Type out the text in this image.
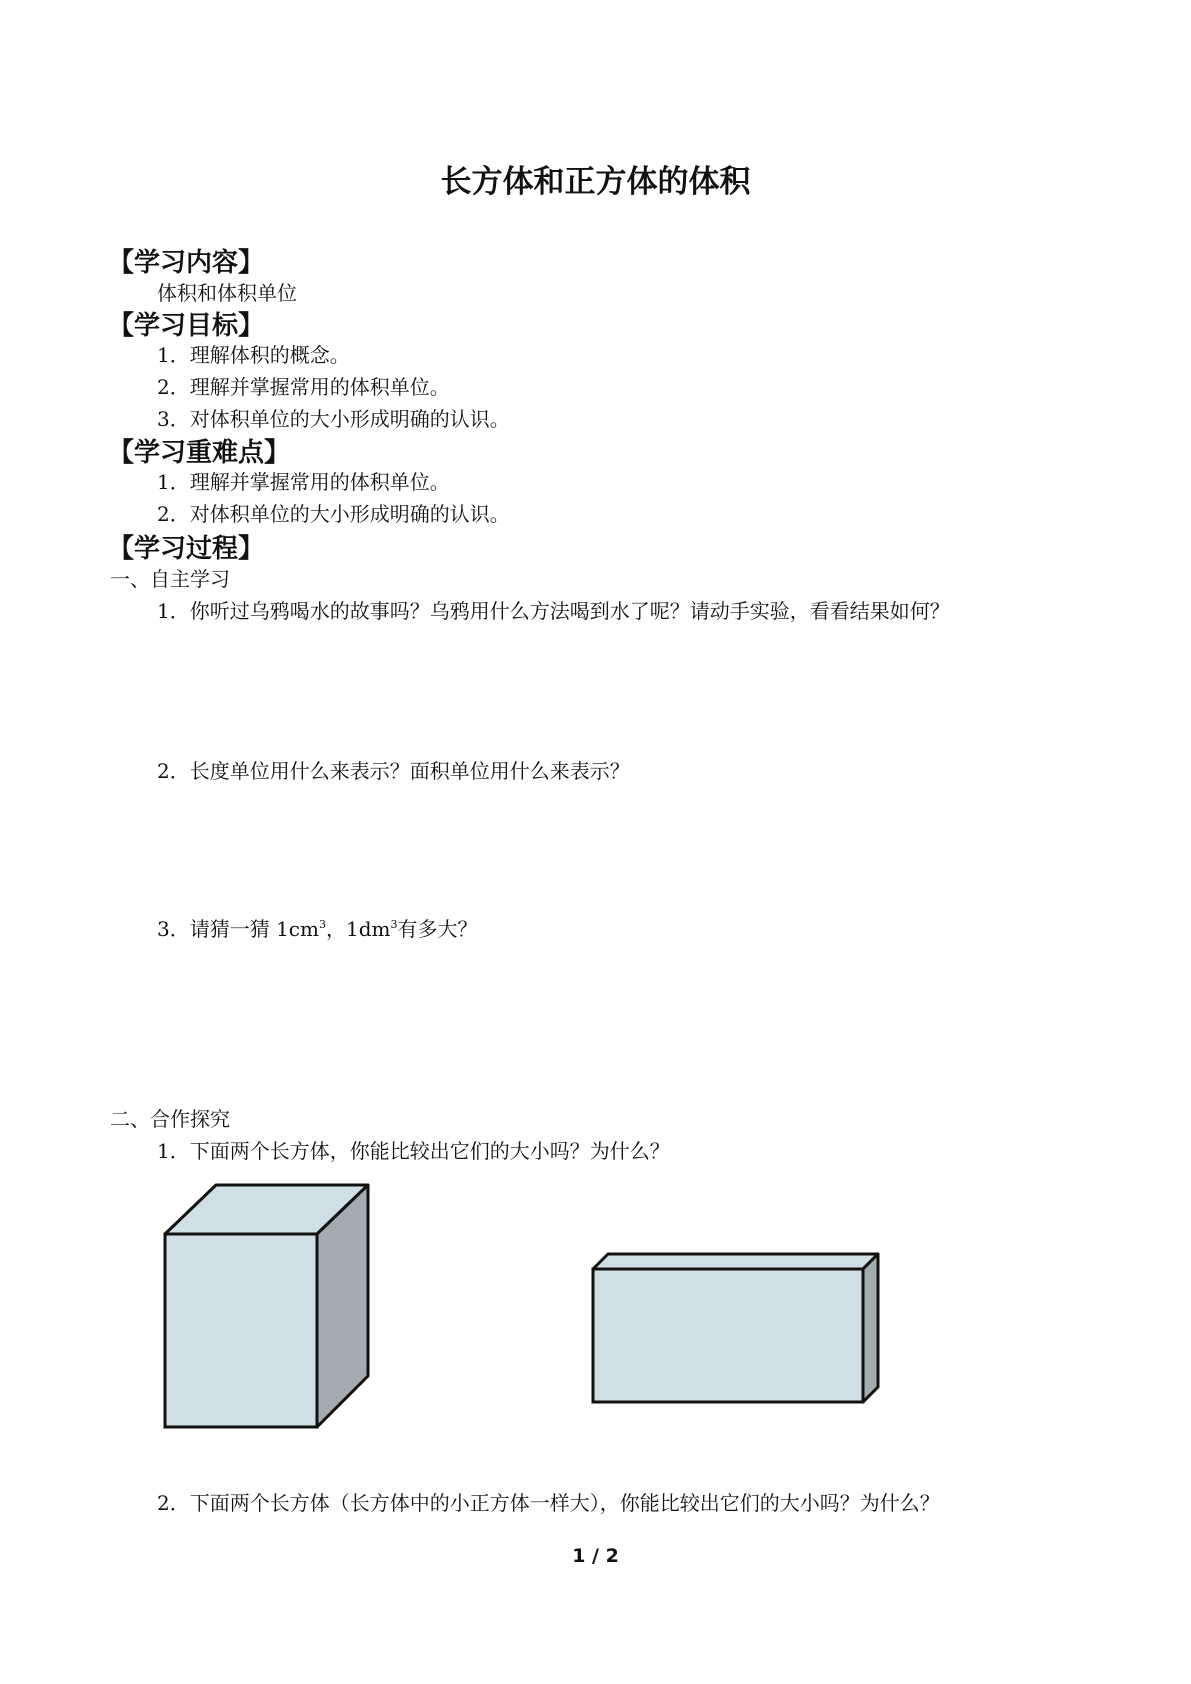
长方体和正方体的体积
【学习内容】
体积和体积单位
【学习目标】
1．理解体积的概念。
2．理解并掌握常用的体积单位。
3．对体积单位的大小形成明确的认识。
【学习重难点】
1．理解并掌握常用的体积单位。
2．对体积单位的大小形成明确的认识。
【学习过程】
一、自主学习
1．你听过乌鸦喝水的故事吗？乌鸦用什么方法喝到水了呢？请动手实验，看看结果如何？
2．长度单位用什么来表示？面积单位用什么来表示？
3．请猜一猜 $1cm^3$，$1dm^3$有多大？
二、合作探究
1．下面两个长方体，你能比较出它们的大小吗？为什么？
2．下面两个长方体（长方体中的小正方体一样大），你能比较出它们的大小吗？为什么？
1 / 2
